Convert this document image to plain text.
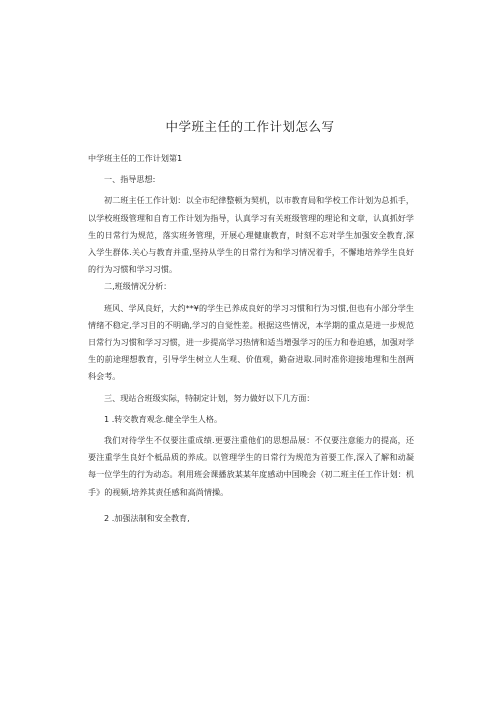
中学班主任的工作计划怎么写

中学班主任的工作计划第1

一、指导思想:

初二班主任工作计划：以全市纪律整顿为契机，以市教育局和学校工作计划为总抓手，以学校班级管理和自育工作计划为指导，认真学习有关班级管理的理论和文章，认真抓好学生的日常行为规范，落实班务管理，开展心理健康教育，时刻不忘对学生加强安全教育,深入学生群体.关心与教育并重,坚持从学生的日常行为和学习情况着手，不懈地培养学生良好的行为习惯和学习习惯。

二,班级情况分析：

班风、学风良好，大约**¥的学生已养成良好的学习习惯和行为习惯,但也有小部分学生情绪不稳定,学习目的不明确,学习的自觉性差。根据这些情况，本学期的重点是进一步规范日常行为习惯和学习习惯，进一步提高学习热情和适当增强学习的压力和卷迫感，加强对学生的前途理想教育，引导学生树立人生观、价值观，勤奋进取.同时准你迎接地理和生剖两科会考。

三、现站合班级实际，特制定计划，努力做好以下几方面：

1 .转交教育观念.健全学生人格。

我们对待学生不仅要注重成绩.更要注重他们的思想品展：不仅要注意能力的提高，还要注重学生良好个柢品质的养成。以管理学生的日常行为规范为首要工作,深入了解和动凝每一位学生的行为动态。利用班会课播放某某年度感动中国晚会（初二班主任工作计划：机手》的视频,培养其责任感和高尚情操。

2 .加强法制和安全教育,
